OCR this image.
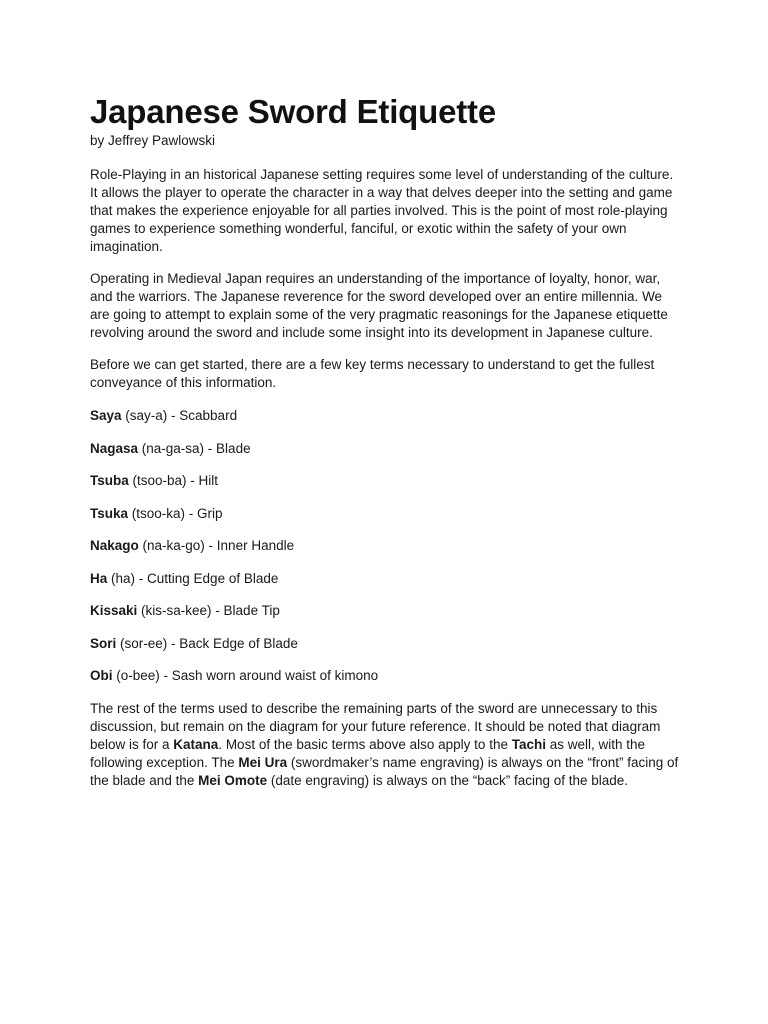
Japanese Sword Etiquette

by Jeffrey Pawlowski

Role-Playing in an historical Japanese setting requires some level of understanding of the culture. It allows the player to operate the character in a way that delves deeper into the setting and game that makes the experience enjoyable for all parties involved. This is the point of most role-playing games to experience something wonderful, fanciful, or exotic within the safety of your own imagination.

Operating in Medieval Japan requires an understanding of the importance of loyalty, honor, war, and the warriors. The Japanese reverence for the sword developed over an entire millennia. We are going to attempt to explain some of the very pragmatic reasonings for the Japanese etiquette revolving around the sword and include some insight into its development in Japanese culture.

Before we can get started, there are a few key terms necessary to understand to get the fullest conveyance of this information.

Saya (say-a) - Scabbard
Nagasa (na-ga-sa) - Blade
Tsuba (tsoo-ba) - Hilt
Tsuka (tsoo-ka) - Grip
Nakago (na-ka-go) - Inner Handle
Ha (ha) - Cutting Edge of Blade
Kissaki (kis-sa-kee) - Blade Tip
Sori (sor-ee) - Back Edge of Blade
Obi (o-bee) - Sash worn around waist of kimono

The rest of the terms used to describe the remaining parts of the sword are unnecessary to this discussion, but remain on the diagram for your future reference. It should be noted that diagram below is for a Katana. Most of the basic terms above also apply to the Tachi as well, with the following exception. The Mei Ura (swordmaker’s name engraving) is always on the “front” facing of the blade and the Mei Omote (date engraving) is always on the “back” facing of the blade.
